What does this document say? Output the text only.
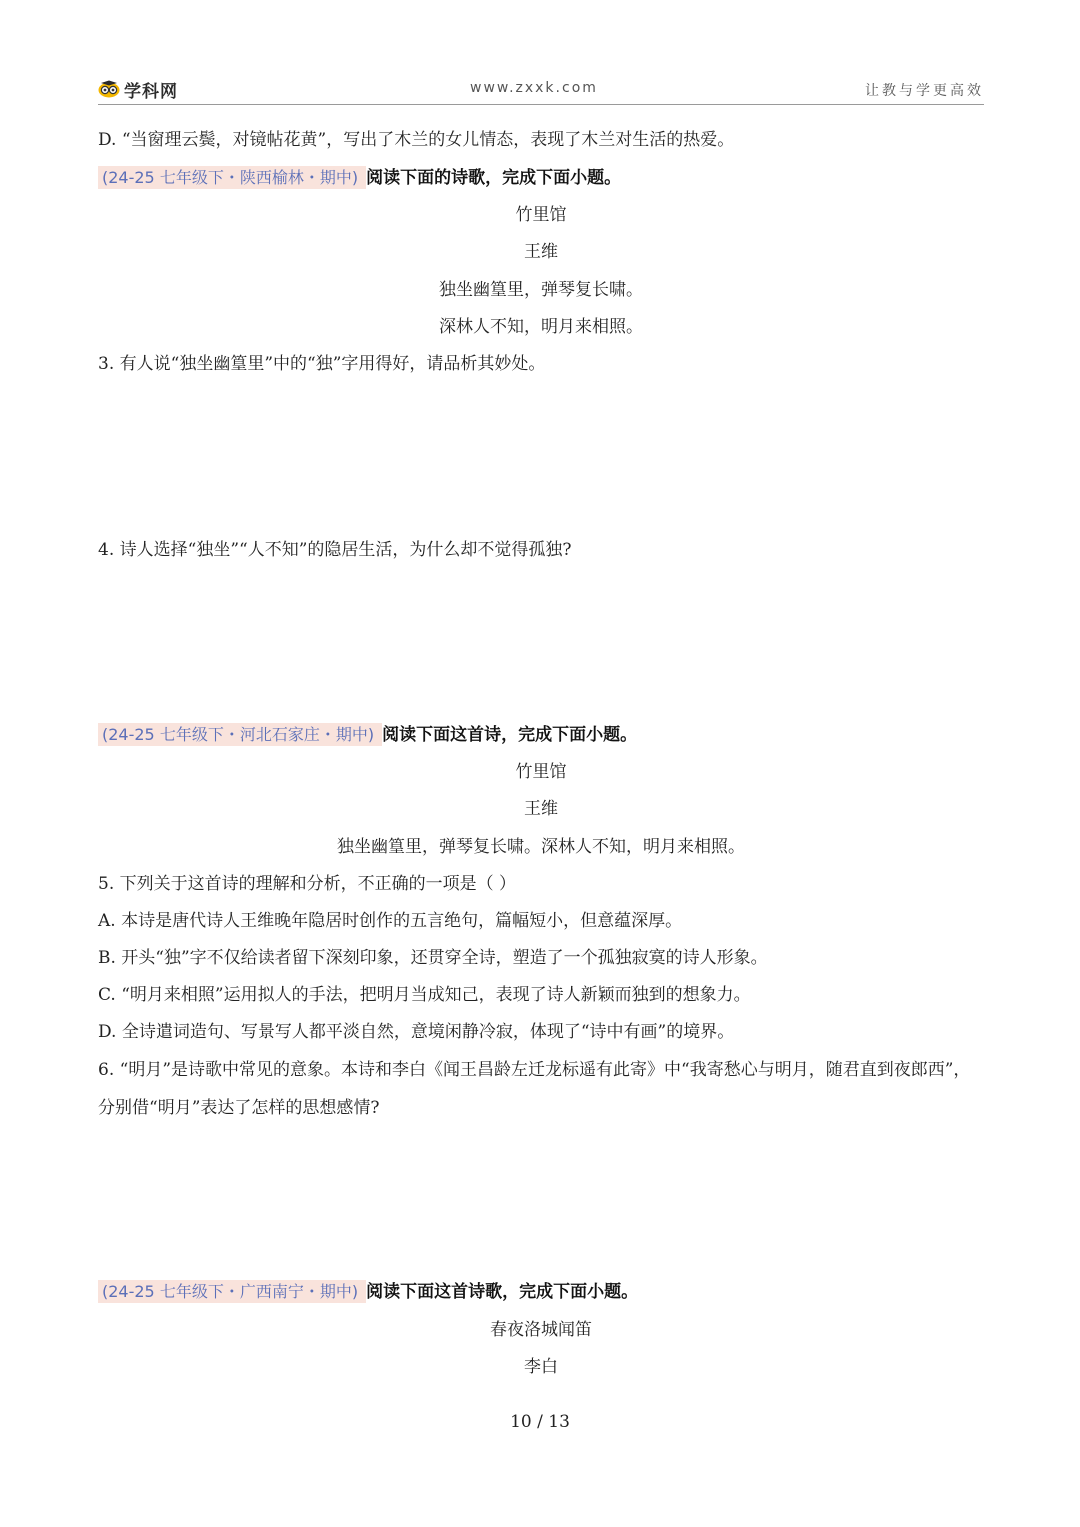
学科网	www.zxxk.com	让教与学更高效
D. “当窗理云鬓，对镜帖花黄”，写出了木兰的女儿情态，表现了木兰对生活的热爱。
(24-25 七年级下・陕西榆林・期中) 阅读下面的诗歌，完成下面小题。
竹里馆
王维
独坐幽篁里，弹琴复长啸。
深林人不知，明月来相照。
3. 有人说“独坐幽篁里”中的“独”字用得好，请品析其妙处。
4. 诗人选择“独坐”“人不知”的隐居生活，为什么却不觉得孤独?
(24-25 七年级下・河北石家庄・期中) 阅读下面这首诗，完成下面小题。
竹里馆
王维
独坐幽篁里，弹琴复长啸。深林人不知，明月来相照。
5. 下列关于这首诗的理解和分析，不正确的一项是（ ）
A. 本诗是唐代诗人王维晚年隐居时创作的五言绝句，篇幅短小，但意蕴深厚。
B. 开头“独”字不仅给读者留下深刻印象，还贯穿全诗，塑造了一个孤独寂寞的诗人形象。
C. “明月来相照”运用拟人的手法，把明月当成知己，表现了诗人新颖而独到的想象力。
D. 全诗遣词造句、写景写人都平淡自然，意境闲静冷寂，体现了“诗中有画”的境界。
6. “明月”是诗歌中常见的意象。本诗和李白《闻王昌龄左迁龙标遥有此寄》中“我寄愁心与明月，随君直到夜郎西”，分别借“明月”表达了怎样的思想感情?
(24-25 七年级下・广西南宁・期中) 阅读下面这首诗歌，完成下面小题。
春夜洛城闻笛
李白
10 / 13
